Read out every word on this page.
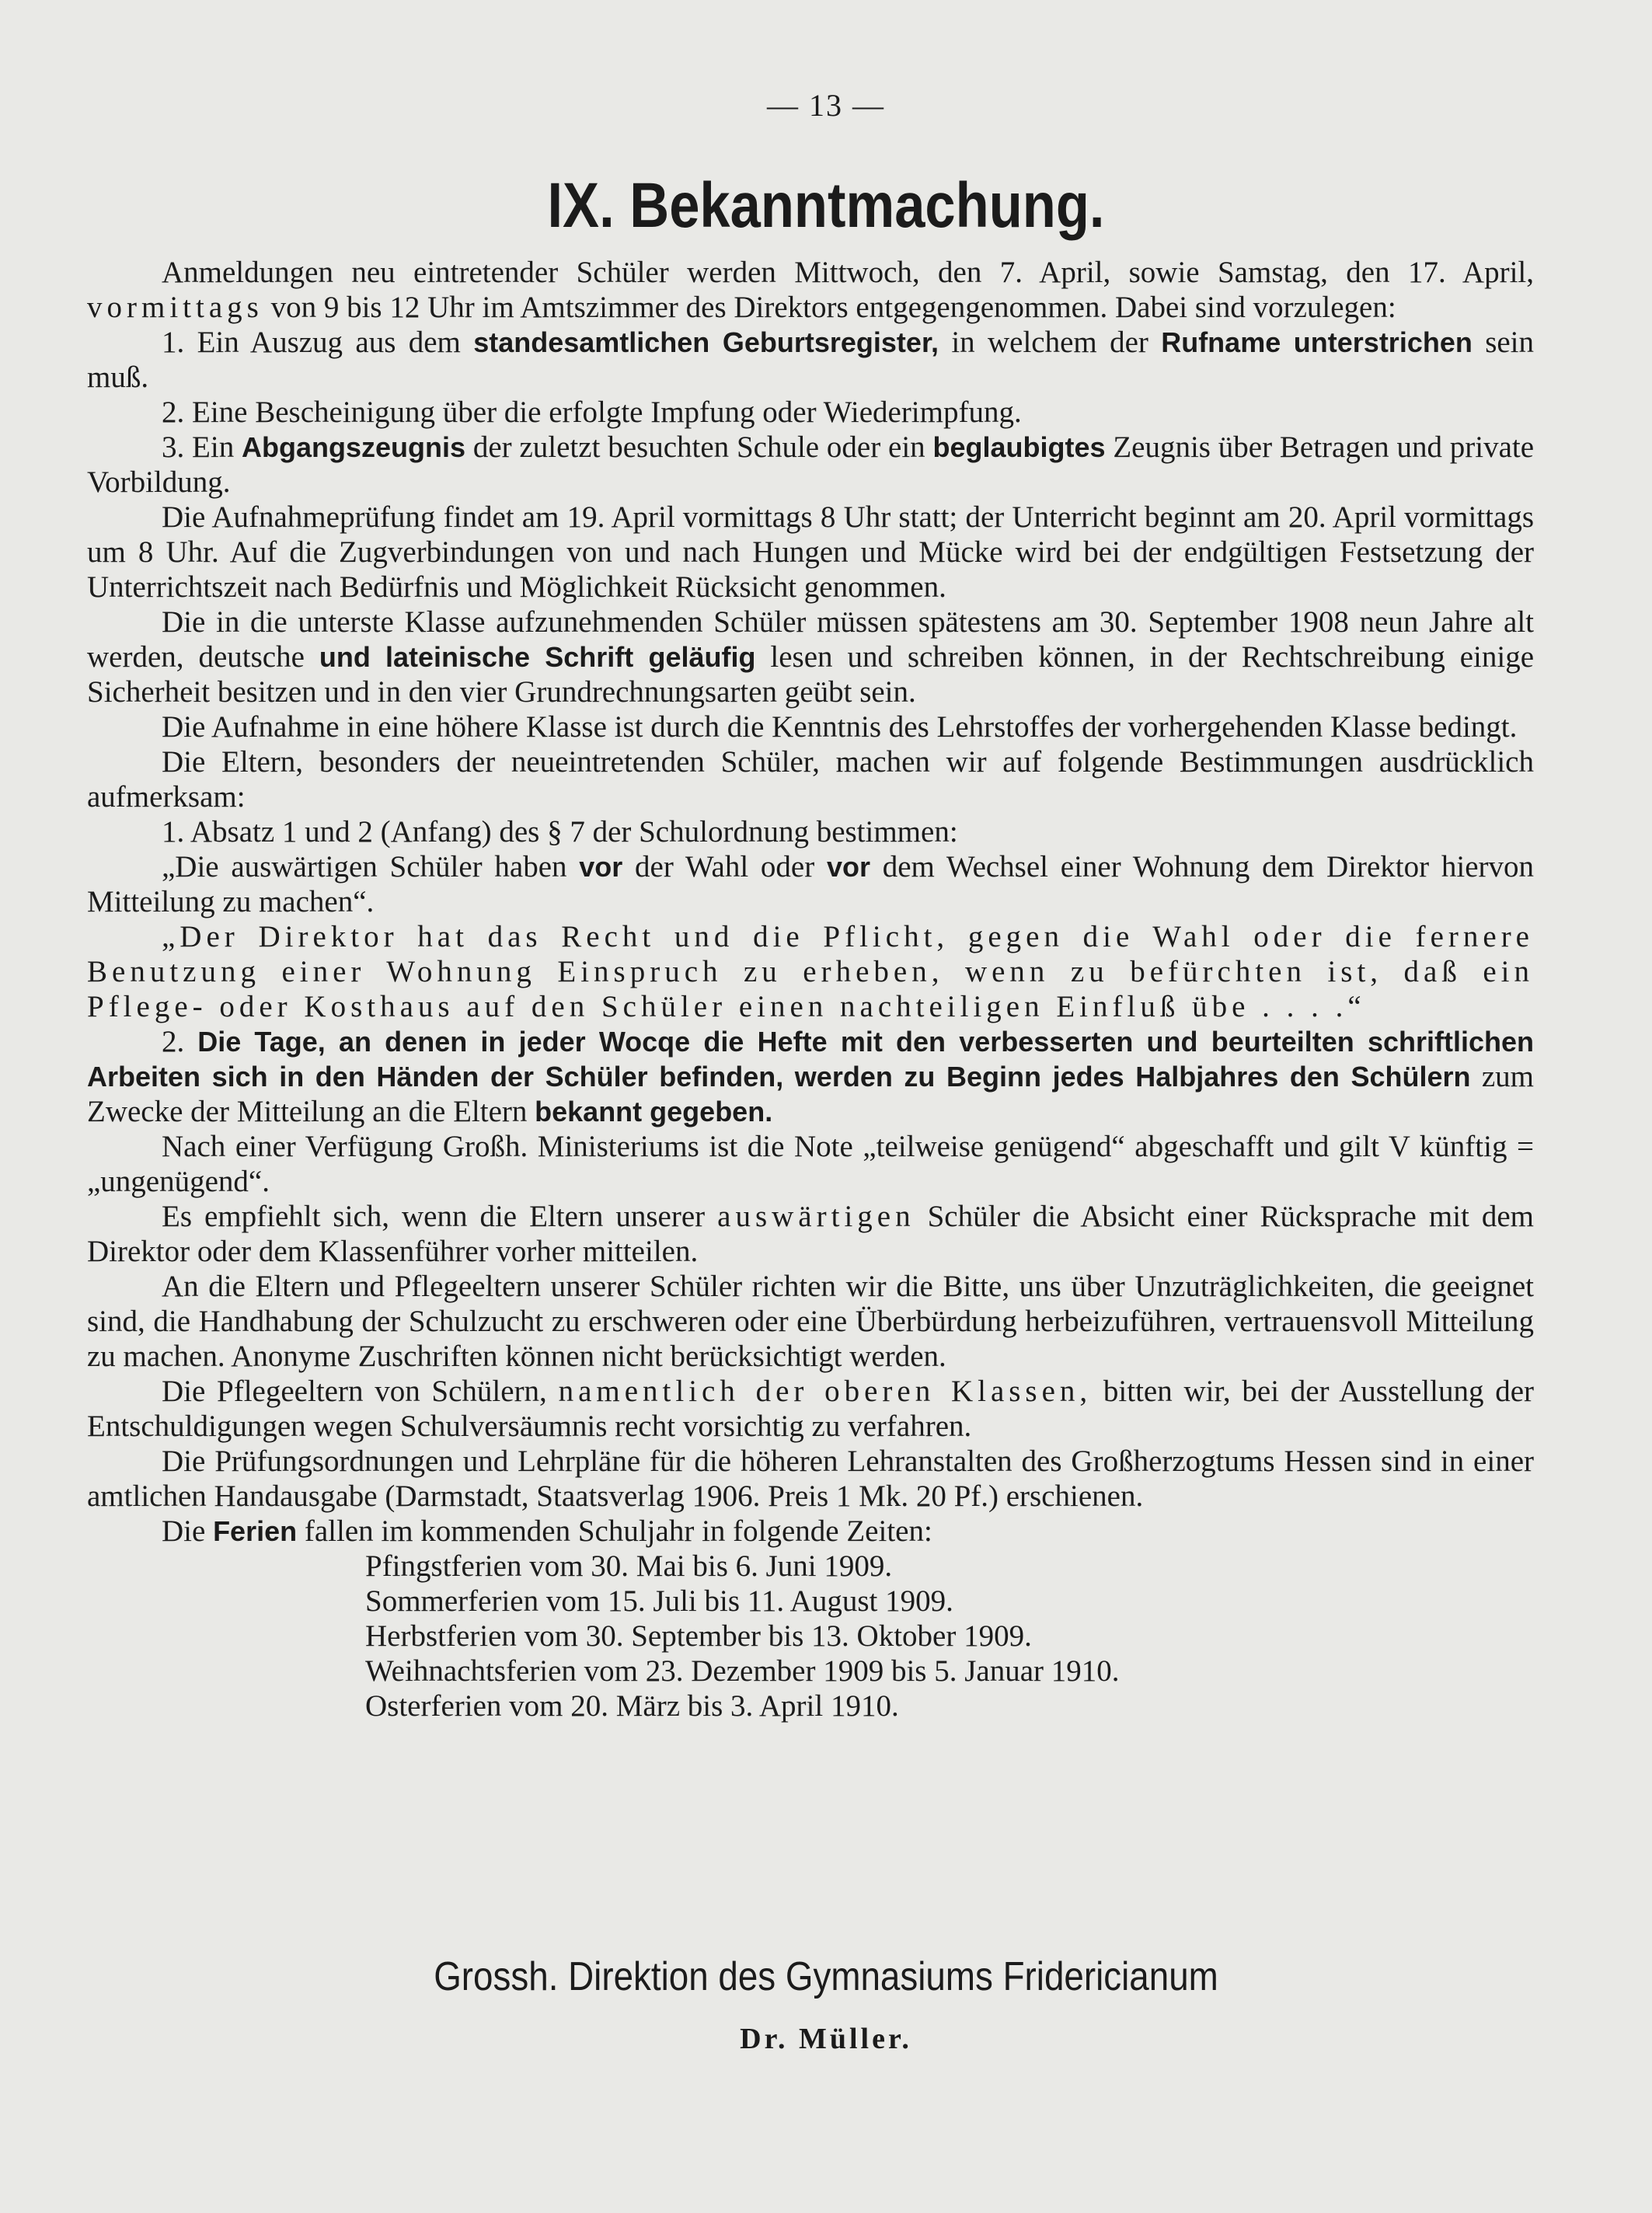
— 13 —
IX. Bekanntmachung.

Anmeldungen neu eintretender Schüler werden Mittwoch, den 7. April, sowie Samstag, den 17. April, vormittags von 9 bis 12 Uhr im Amtszimmer des Direktors entgegengenommen. Dabei sind vorzulegen:

1. Ein Auszug aus dem standesamtlichen Geburtsregister, in welchem der Rufname unterstrichen sein muß.

2. Eine Bescheinigung über die erfolgte Impfung oder Wiederimpfung.

3. Ein Abgangszeugnis der zuletzt besuchten Schule oder ein beglaubigtes Zeugnis über Betragen und private Vorbildung.

Die Aufnahmeprüfung findet am 19. April vormittags 8 Uhr statt; der Unterricht beginnt am 20. April vormittags um 8 Uhr. Auf die Zugverbindungen von und nach Hungen und Mücke wird bei der endgültigen Festsetzung der Unterrichtszeit nach Bedürfnis und Möglichkeit Rücksicht genommen.

Die in die unterste Klasse aufzunehmenden Schüler müssen spätestens am 30. September 1908 neun Jahre alt werden, deutsche und lateinische Schrift geläufig lesen und schreiben können, in der Rechtschreibung einige Sicherheit besitzen und in den vier Grundrechnungsarten geübt sein.

Die Aufnahme in eine höhere Klasse ist durch die Kenntnis des Lehrstoffes der vorhergehenden Klasse bedingt.

Die Eltern, besonders der neueintretenden Schüler, machen wir auf folgende Bestimmungen ausdrücklich aufmerksam:

1. Absatz 1 und 2 (Anfang) des § 7 der Schulordnung bestimmen:

„Die auswärtigen Schüler haben vor der Wahl oder vor dem Wechsel einer Wohnung dem Direktor hiervon Mitteilung zu machen“.

„Der Direktor hat das Recht und die Pflicht, gegen die Wahl oder die fernere Benutzung einer Wohnung Einspruch zu erheben, wenn zu befürchten ist, daß ein Pflege- oder Kosthaus auf den Schüler einen nachteiligen Einfluß übe . . . .“

2. Die Tage, an denen in jeder Wocqe die Hefte mit den verbesserten und beurteilten schriftlichen Arbeiten sich in den Händen der Schüler befinden, werden zu Beginn jedes Halbjahres den Schülern zum Zwecke der Mitteilung an die Eltern bekannt gegeben.

Nach einer Verfügung Großh. Ministeriums ist die Note „teilweise genügend“ abgeschafft und gilt V künftig = „ungenügend“.

Es empfiehlt sich, wenn die Eltern unserer auswärtigen Schüler die Absicht einer Rücksprache mit dem Direktor oder dem Klassenführer vorher mitteilen.

An die Eltern und Pflegeeltern unserer Schüler richten wir die Bitte, uns über Unzuträglichkeiten, die geeignet sind, die Handhabung der Schulzucht zu erschweren oder eine Überbürdung herbeizuführen, vertrauensvoll Mitteilung zu machen. Anonyme Zuschriften können nicht berücksichtigt werden.

Die Pflegeeltern von Schülern, namentlich der oberen Klassen, bitten wir, bei der Ausstellung der Entschuldigungen wegen Schulversäumnis recht vorsichtig zu verfahren.

Die Prüfungsordnungen und Lehrpläne für die höheren Lehranstalten des Großherzogtums Hessen sind in einer amtlichen Handausgabe (Darmstadt, Staatsverlag 1906. Preis 1 Mk. 20 Pf.) erschienen.

Die Ferien fallen im kommenden Schuljahr in folgende Zeiten:

Pfingstferien vom 30. Mai bis 6. Juni 1909.
Sommerferien vom 15. Juli bis 11. August 1909.
Herbstferien vom 30. September bis 13. Oktober 1909.
Weihnachtsferien vom 23. Dezember 1909 bis 5. Januar 1910.
Osterferien vom 20. März bis 3. April 1910.
Grossh. Direktion des Gymnasiums Fridericianum
Dr. Müller.
